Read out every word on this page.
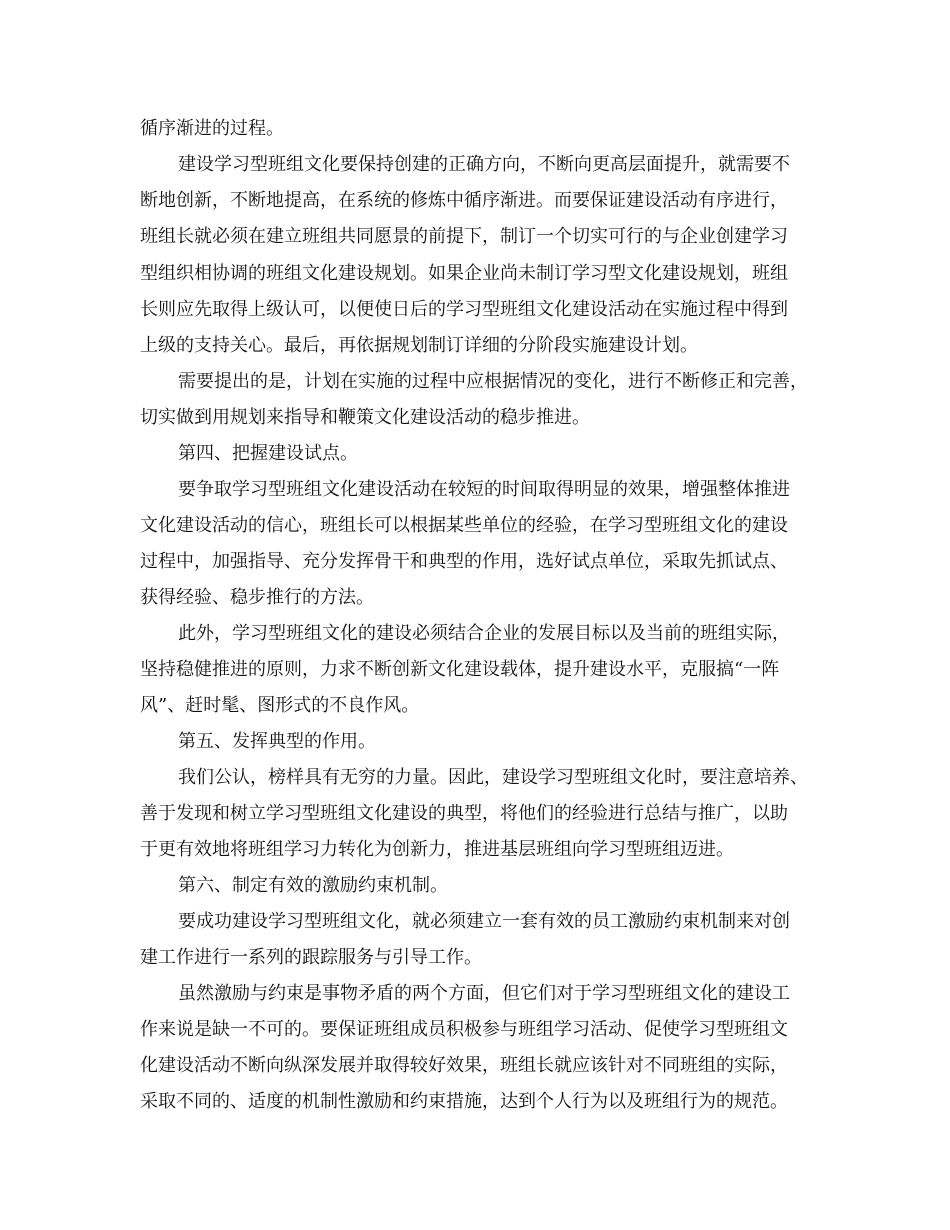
循序渐进的过程。
建设学习型班组文化要保持创建的正确方向，不断向更高层面提升，就需要不
断地创新，不断地提高，在系统的修炼中循序渐进。而要保证建设活动有序进行，
班组长就必须在建立班组共同愿景的前提下，制订一个切实可行的与企业创建学习
型组织相协调的班组文化建设规划。如果企业尚未制订学习型文化建设规划，班组
长则应先取得上级认可，以便使日后的学习型班组文化建设活动在实施过程中得到
上级的支持关心。最后，再依据规划制订详细的分阶段实施建设计划。
需要提出的是，计划在实施的过程中应根据情况的变化，进行不断修正和完善，
切实做到用规划来指导和鞭策文化建设活动的稳步推进。
第四、把握建设试点。
要争取学习型班组文化建设活动在较短的时间取得明显的效果，增强整体推进
文化建设活动的信心，班组长可以根据某些单位的经验，在学习型班组文化的建设
过程中，加强指导、充分发挥骨干和典型的作用，选好试点单位，采取先抓试点、
获得经验、稳步推行的方法。
此外，学习型班组文化的建设必须结合企业的发展目标以及当前的班组实际，
坚持稳健推进的原则，力求不断创新文化建设载体，提升建设水平，克服搞“一阵
风”、赶时髦、图形式的不良作风。
第五、发挥典型的作用。
我们公认，榜样具有无穷的力量。因此，建设学习型班组文化时，要注意培养、
善于发现和树立学习型班组文化建设的典型，将他们的经验进行总结与推广，以助
于更有效地将班组学习力转化为创新力，推进基层班组向学习型班组迈进。
第六、制定有效的激励约束机制。
要成功建设学习型班组文化，就必须建立一套有效的员工激励约束机制来对创
建工作进行一系列的跟踪服务与引导工作。
虽然激励与约束是事物矛盾的两个方面，但它们对于学习型班组文化的建设工
作来说是缺一不可的。要保证班组成员积极参与班组学习活动、促使学习型班组文
化建设活动不断向纵深发展并取得较好效果，班组长就应该针对不同班组的实际，
采取不同的、适度的机制性激励和约束措施，达到个人行为以及班组行为的规范。
